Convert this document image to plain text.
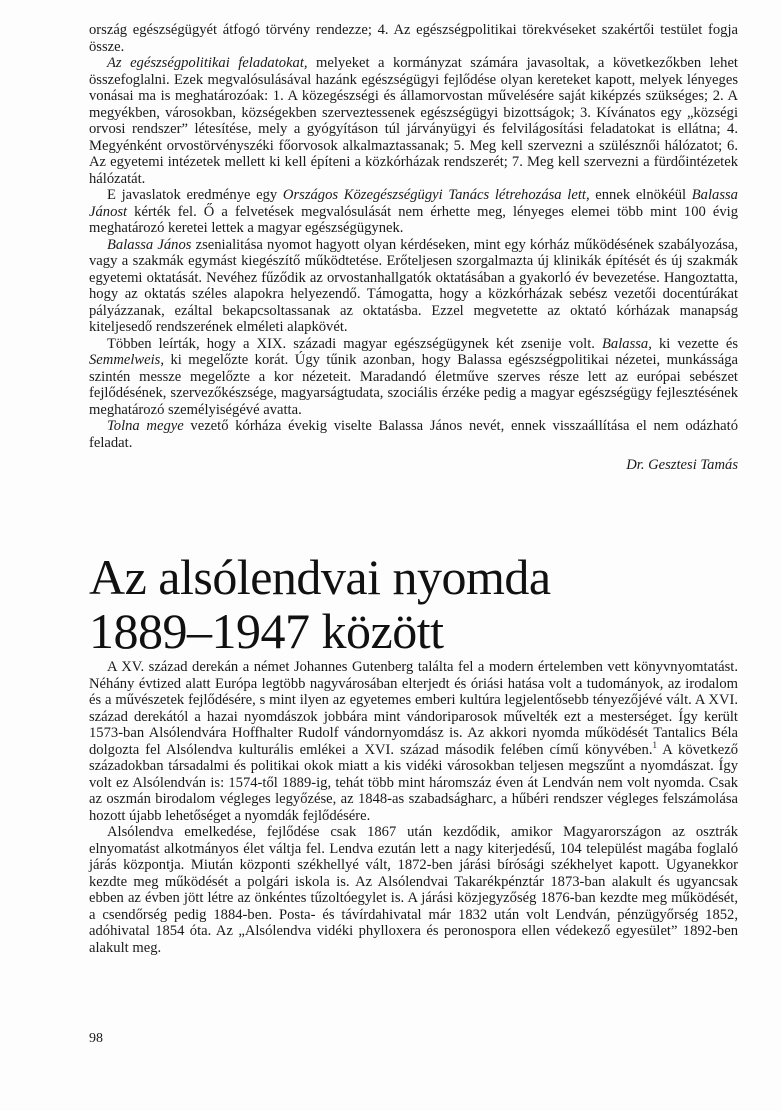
ország egészségügyét átfogó törvény rendezze; 4. Az egészségpolitikai törekvéseket szakértői testület fogja össze.

Az egészségpolitikai feladatokat, melyeket a kormányzat számára javasoltak, a következőkben lehet összefoglalni. Ezek megvalósulásával hazánk egészségügyi fejlődése olyan kereteket kapott, melyek lényeges vonásai ma is meghatározóak: 1. A közegészségi és államorvostan művelésére saját kiképzés szükséges; 2. A megyékben, városokban, községekben szerveztessenek egészségügyi bizottságok; 3. Kívánatos egy „községi orvosi rendszer” létesítése, mely a gyógyításon túl járványügyi és felvilágosítási feladatokat is ellátna; 4. Megyénként orvostörvényszéki főorvosok alkalmaztassanak; 5. Meg kell szervezni a szülésznői hálózatot; 6. Az egyetemi intézetek mellett ki kell építeni a közkórházak rendszerét; 7. Meg kell szervezni a fürdőintézetek hálózatát.

E javaslatok eredménye egy Országos Közegészségügyi Tanács létrehozása lett, ennek elnökéül Balassa Jánost kérték fel. Ő a felvetések megvalósulását nem érhette meg, lényeges elemei több mint 100 évig meghatározó keretei lettek a magyar egészségügynek.

Balassa János zsenialitása nyomot hagyott olyan kérdéseken, mint egy kórház működésének szabályozása, vagy a szakmák egymást kiegészítő működtetése. Erőteljesen szorgalmazta új klinikák építését és új szakmák egyetemi oktatását. Nevéhez fűződik az orvostanhallgatók oktatásában a gyakorló év bevezetése. Hangoztatta, hogy az oktatás széles alapokra helyezendő. Támogatta, hogy a közkórházak sebész vezetői docentúrákat pályázzanak, ezáltal bekapcsoltassanak az oktatásba. Ezzel megvetette az oktató kórházak manapság kiteljesedő rendszerének elméleti alapkövét.

Többen leírták, hogy a XIX. századi magyar egészségügynek két zsenije volt. Balassa, ki vezette és Semmelweis, ki megelőzte korát. Úgy tűnik azonban, hogy Balassa egészségpolitikai nézetei, munkássága szintén messze megelőzte a kor nézeteit. Maradandó életműve szerves része lett az európai sebészet fejlődésének, szervezőkészsége, magyarságtudata, szociális érzéke pedig a magyar egészségügy fejlesztésének meghatározó személyiségévé avatta.

Tolna megye vezető kórháza évekig viselte Balassa János nevét, ennek visszaállítása el nem odázható feladat.

Dr. Gesztesi Tamás
Az alsólendvai nyomda
1889–1947 között

A XV. század derekán a német Johannes Gutenberg találta fel a modern értelemben vett könyvnyomtatást. Néhány évtized alatt Európa legtöbb nagyvárosában elterjedt és óriási hatása volt a tudományok, az irodalom és a művészetek fejlődésére, s mint ilyen az egyetemes emberi kultúra legjelentősebb tényezőjévé vált. A XVI. század derekától a hazai nyomdászok jobbára mint vándoriparosok művelték ezt a mesterséget. Így került 1573-ban Alsólendvára Hoffhalter Rudolf vándornyomdász is. Az akkori nyomda működését Tantalics Béla dolgozta fel Alsólendva kulturális emlékei a XVI. század második felében című könyvében.$^1$ A következő századokban társadalmi és politikai okok miatt a kis vidéki városokban teljesen megszűnt a nyomdászat. Így volt ez Alsólendván is: 1574-től 1889-ig, tehát több mint háromszáz éven át Lendván nem volt nyomda. Csak az oszmán birodalom végleges legyőzése, az 1848-as szabadságharc, a hűbéri rendszer végleges felszámolása hozott újabb lehetőséget a nyomdák fejlődésére.

Alsólendva emelkedése, fejlődése csak 1867 után kezdődik, amikor Magyarországon az osztrák elnyomatást alkotmányos élet váltja fel. Lendva ezután lett a nagy kiterjedésű, 104 települést magába foglaló járás központja. Miután központi székhellyé vált, 1872-ben járási bírósági székhelyet kapott. Ugyanekkor kezdte meg működését a polgári iskola is. Az Alsólendvai Takarékpénztár 1873-ban alakult és ugyancsak ebben az évben jött létre az önkéntes tűzoltóegylet is. A járási közjegyzőség 1876-ban kezdte meg működését, a csendőrség pedig 1884-ben. Posta- és távírdahivatal már 1832 után volt Lendván, pénzügyőrség 1852, adóhivatal 1854 óta. Az „Alsólendva vidéki phylloxera és peronospora ellen védekező egyesület” 1892-ben alakult meg.

98
